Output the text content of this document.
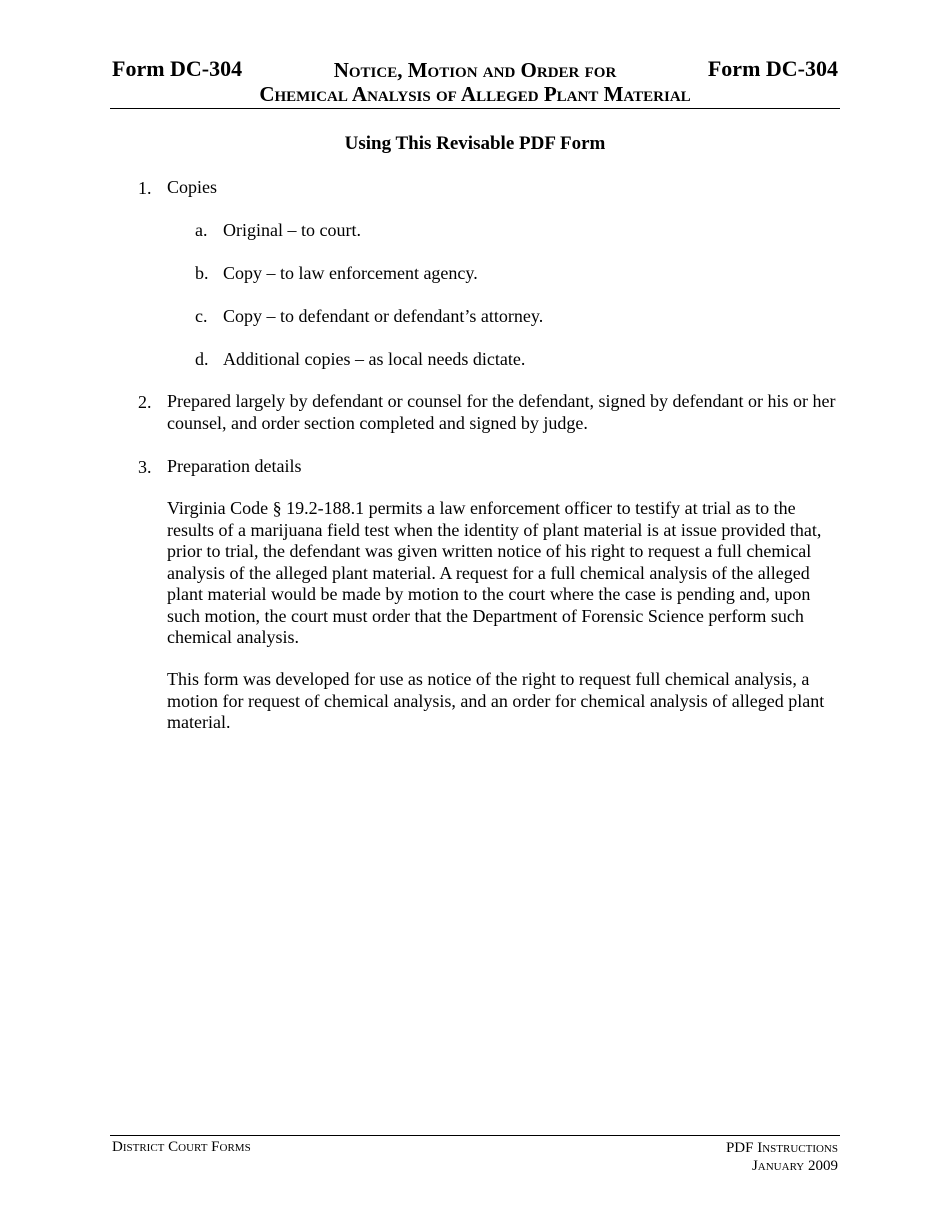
Form DC-304	Notice, Motion and Order for
Chemical Analysis of Alleged Plant Material
Form DC-304
Using This Revisable PDF Form
1. Copies
a. Original – to court.
b. Copy – to law enforcement agency.
c. Copy – to defendant or defendant’s attorney.
d. Additional copies – as local needs dictate.
2. Prepared largely by defendant or counsel for the defendant, signed by defendant or his or her counsel, and order section completed and signed by judge.
3. Preparation details
Virginia Code § 19.2-188.1 permits a law enforcement officer to testify at trial as to the results of a marijuana field test when the identity of plant material is at issue provided that, prior to trial, the defendant was given written notice of his right to request a full chemical analysis of the alleged plant material. A request for a full chemical analysis of the alleged plant material would be made by motion to the court where the case is pending and, upon such motion, the court must order that the Department of Forensic Science perform such chemical analysis.
This form was developed for use as notice of the right to request full chemical analysis, a motion for request of chemical analysis, and an order for chemical analysis of alleged plant material.
District Court Forms	PDF Instructions
January 2009
